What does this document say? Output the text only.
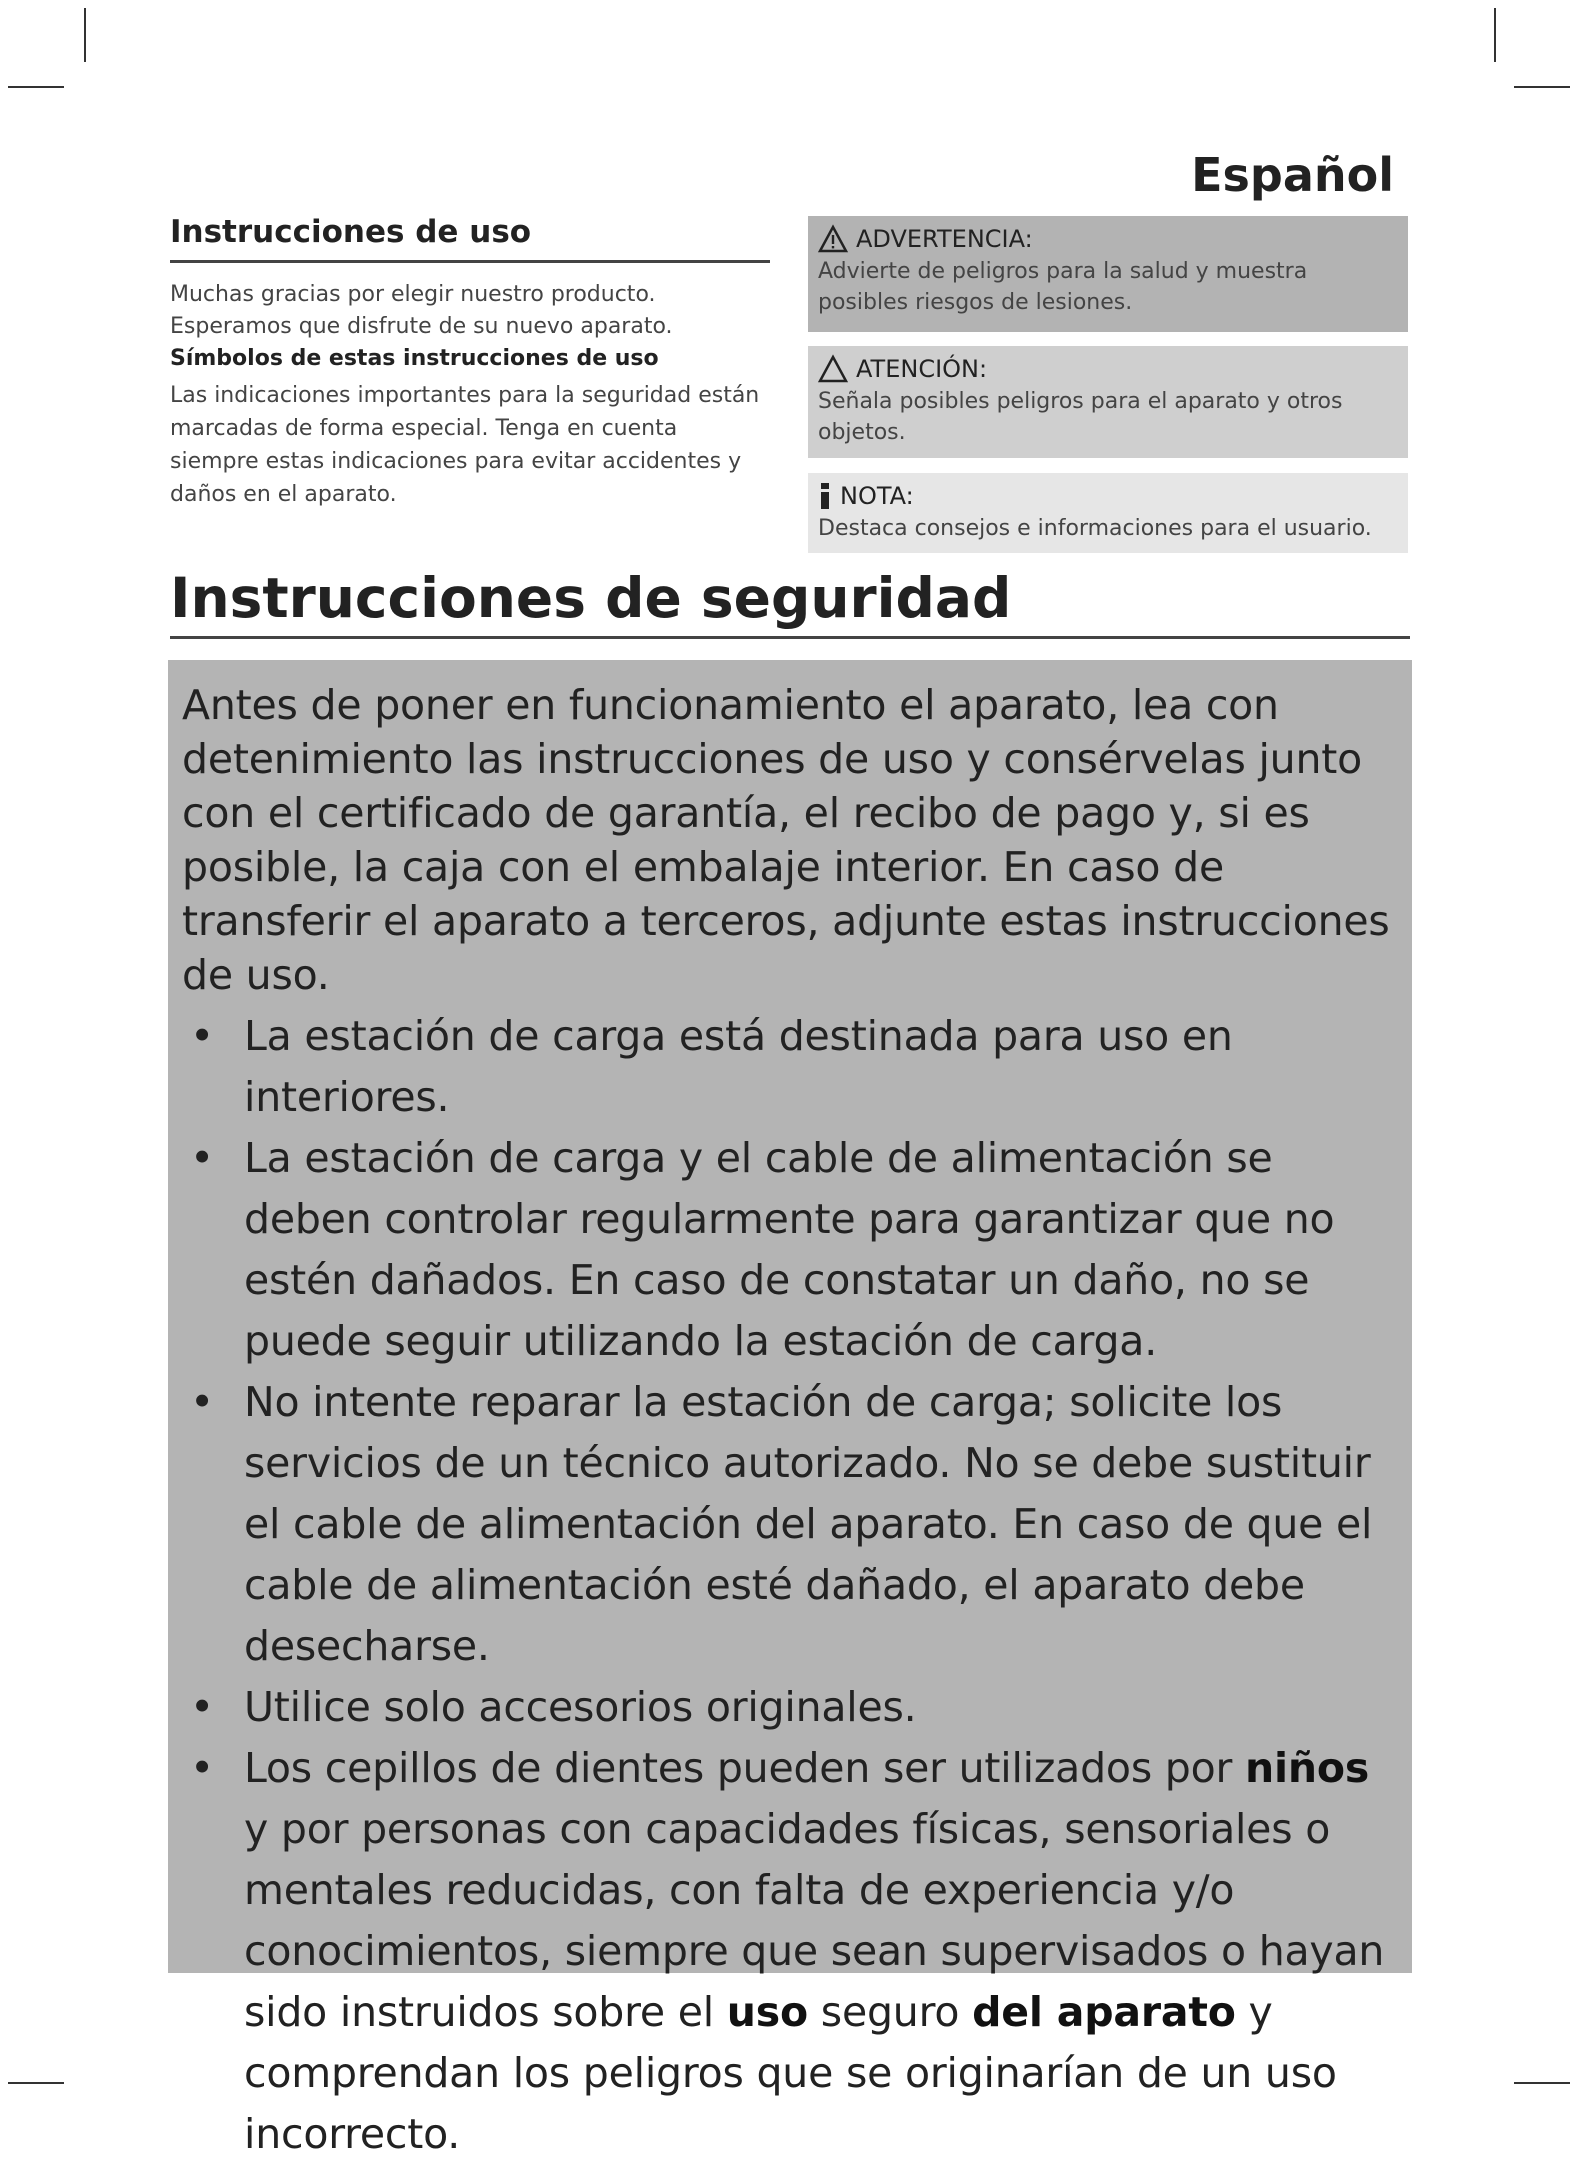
Español
Instrucciones de uso
Muchas gracias por elegir nuestro producto. Esperamos que disfrute de su nuevo aparato.
Símbolos de estas instrucciones de uso
Las indicaciones importantes para la seguridad están marcadas de forma especial. Tenga en cuenta siempre estas indicaciones para evitar accidentes y daños en el aparato.
ADVERTENCIA:
Advierte de peligros para la salud y muestra posibles riesgos de lesiones.
ATENCIÓN:
Señala posibles peligros para el aparato y otros objetos.
NOTA:
Destaca consejos e informaciones para el usuario.
Instrucciones de seguridad

Antes de poner en funcionamiento el aparato, lea con detenimiento las instrucciones de uso y consérvelas junto con el certificado de garantía, el recibo de pago y, si es posible, la caja con el embalaje interior. En caso de transferir el aparato a terceros, adjunte estas instrucciones de uso.

• La estación de carga está destinada para uso en interiores.
• La estación de carga y el cable de alimentación se deben controlar regularmente para garantizar que no estén dañados. En caso de constatar un daño, no se puede seguir utilizando la estación de carga.
• No intente reparar la estación de carga; solicite los servicios de un técnico autorizado. No se debe sustituir el cable de alimentación del aparato. En caso de que el cable de alimentación esté dañado, el aparato debe desecharse.
• Utilice solo accesorios originales.
• Los cepillos de dientes pueden ser utilizados por niños y por personas con capacidades físicas, sensoriales o mentales reducidas, con falta de experiencia y/o conocimientos, siempre que sean supervisados o hayan sido instruidos sobre el uso seguro del aparato y comprendan los peligros que se originarían de un uso incorrecto.
